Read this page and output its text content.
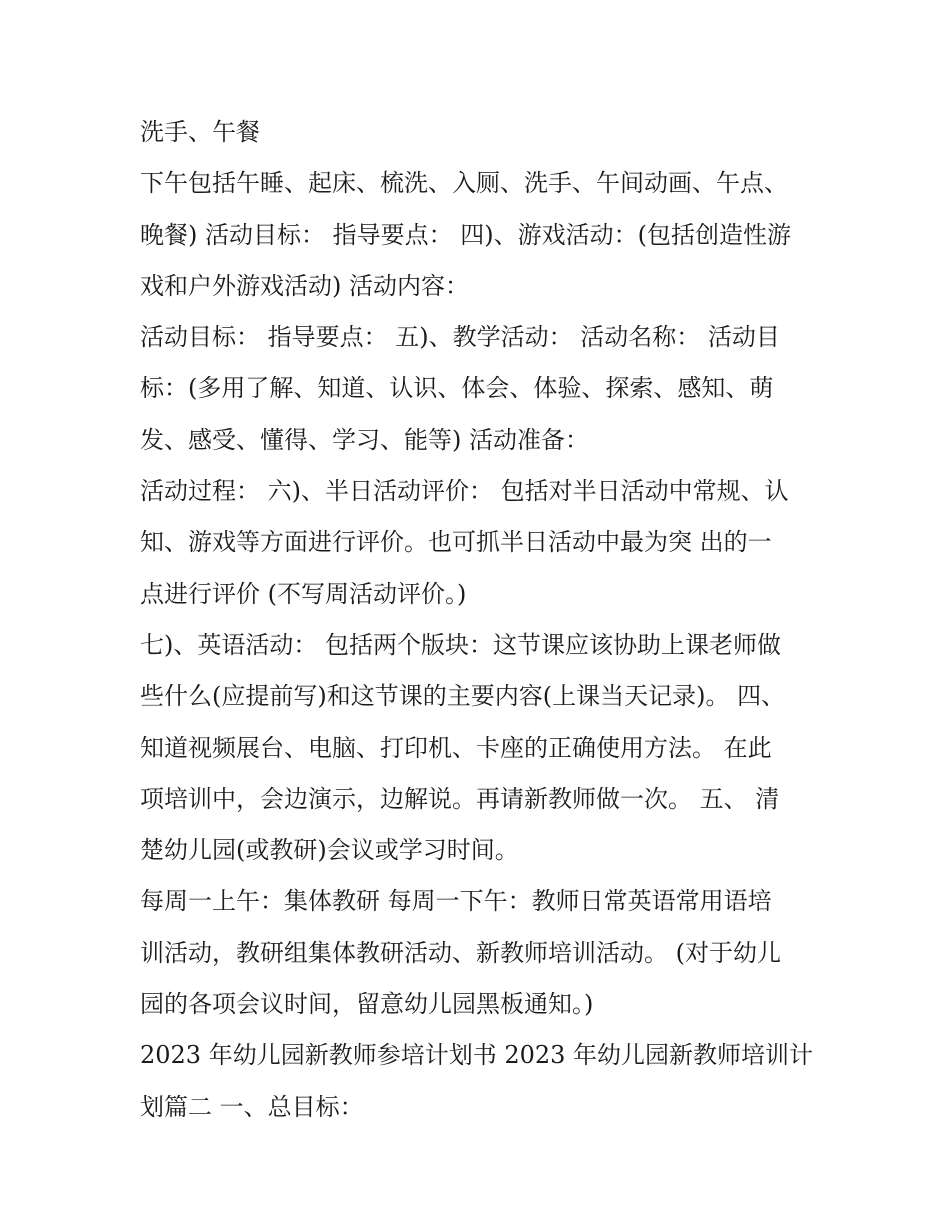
洗手、午餐
下午包括午睡、起床、梳洗、入厕、洗手、午间动画、午点、
晚餐) 活动目标： 指导要点： 四)、游戏活动：(包括创造性游
戏和户外游戏活动) 活动内容：
活动目标： 指导要点： 五)、教学活动： 活动名称： 活动目
标：(多用了解、知道、认识、体会、体验、探索、感知、萌
发、感受、懂得、学习、能等) 活动准备：
活动过程： 六)、半日活动评价： 包括对半日活动中常规、认
知、游戏等方面进行评价。也可抓半日活动中最为突 出的一
点进行评价 (不写周活动评价。)
七)、英语活动： 包括两个版块：这节课应该协助上课老师做
些什么(应提前写)和这节课的主要内容(上课当天记录)。 四、
知道视频展台、电脑、打印机、卡座的正确使用方法。 在此
项培训中，会边演示，边解说。再请新教师做一次。 五、 清
楚幼儿园(或教研)会议或学习时间。
每周一上午：集体教研 每周一下午：教师日常英语常用语培
训活动，教研组集体教研活动、新教师培训活动。 (对于幼儿
园的各项会议时间，留意幼儿园黑板通知。)
2023 年幼儿园新教师参培计划书 2023 年幼儿园新教师培训计
划篇二 一、总目标：
